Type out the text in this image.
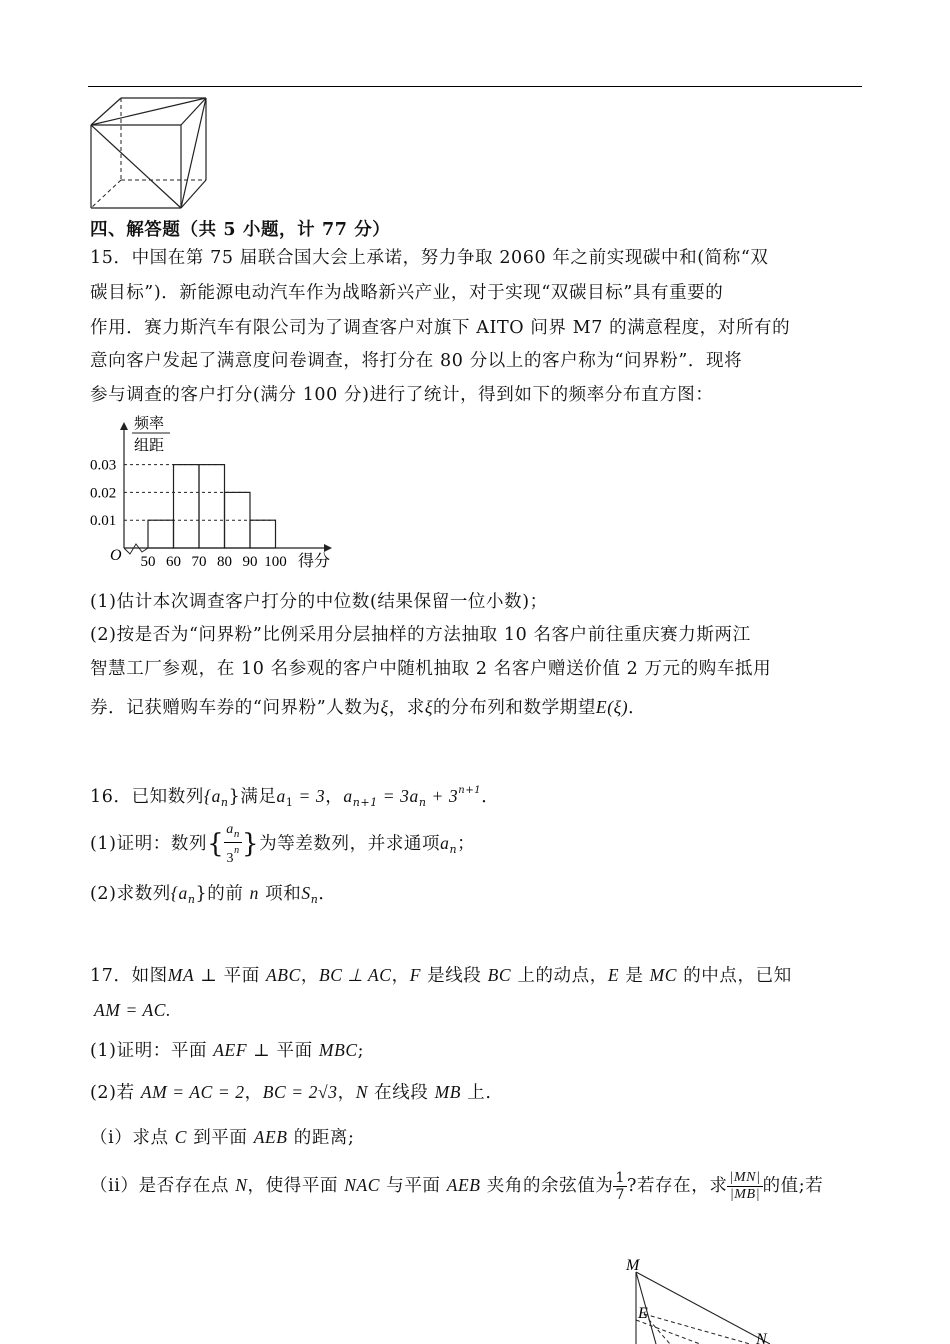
四、解答题（共 5 小题，计 77 分）
15．中国在第 75 届联合国大会上承诺，努力争取 2060 年之前实现碳中和(简称“双
碳目标”)．新能源电动汽车作为战略新兴产业，对于实现“双碳目标”具有重要的
作用．赛力斯汽车有限公司为了调查客户对旗下 AITO 问界 M7 的满意程度，对所有的
意向客户发起了满意度问卷调查，将打分在 80 分以上的客户称为“问界粉”．现将
参与调查的客户打分(满分 100 分)进行了统计，得到如下的频率分布直方图：
频率
组距
得分
O
0.01
0.02
0.03
50 60 70 80 90 100
(1)估计本次调查客户打分的中位数(结果保留一位小数)；
(2)按是否为“问界粉”比例采用分层抽样的方法抽取 10 名客户前往重庆赛力斯两江
智慧工厂参观，在 10 名参观的客户中随机抽取 2 名客户赠送价值 2 万元的购车抵用
券．记获赠购车券的“问界粉”人数为ξ，求ξ的分布列和数学期望E(ξ)．
16．已知数列$\{a_n\}$满足$a_1 = 3$，$a_{n+1} = 3a_n + 3^{n+1}$．
(1)证明：数列{ $\frac{a_n}{3^n}$ }为等差数列，并求通项$a_n$；
(2)求数列$\{a_n\}$的前 n 项和$S_n$．
17．如图MA ⊥ 平面 ABC，BC ⊥ AC，F 是线段 BC 上的动点，E 是 MC 的中点，已知
AM = AC.
(1)证明：平面 AEF ⊥ 平面 MBC;
(2)若 AM = AC = 2，BC = 2√3，N 在线段 MB 上.
（i）求点 C 到平面 AEB 的距离;
（ii）是否存在点 N，使得平面 NAC 与平面 AEB 夹角的余弦值为 $\frac{1}{7}$ ?若存在，求 $\frac{|MN|}{|MB|}$ 的值;若
M
E
N
